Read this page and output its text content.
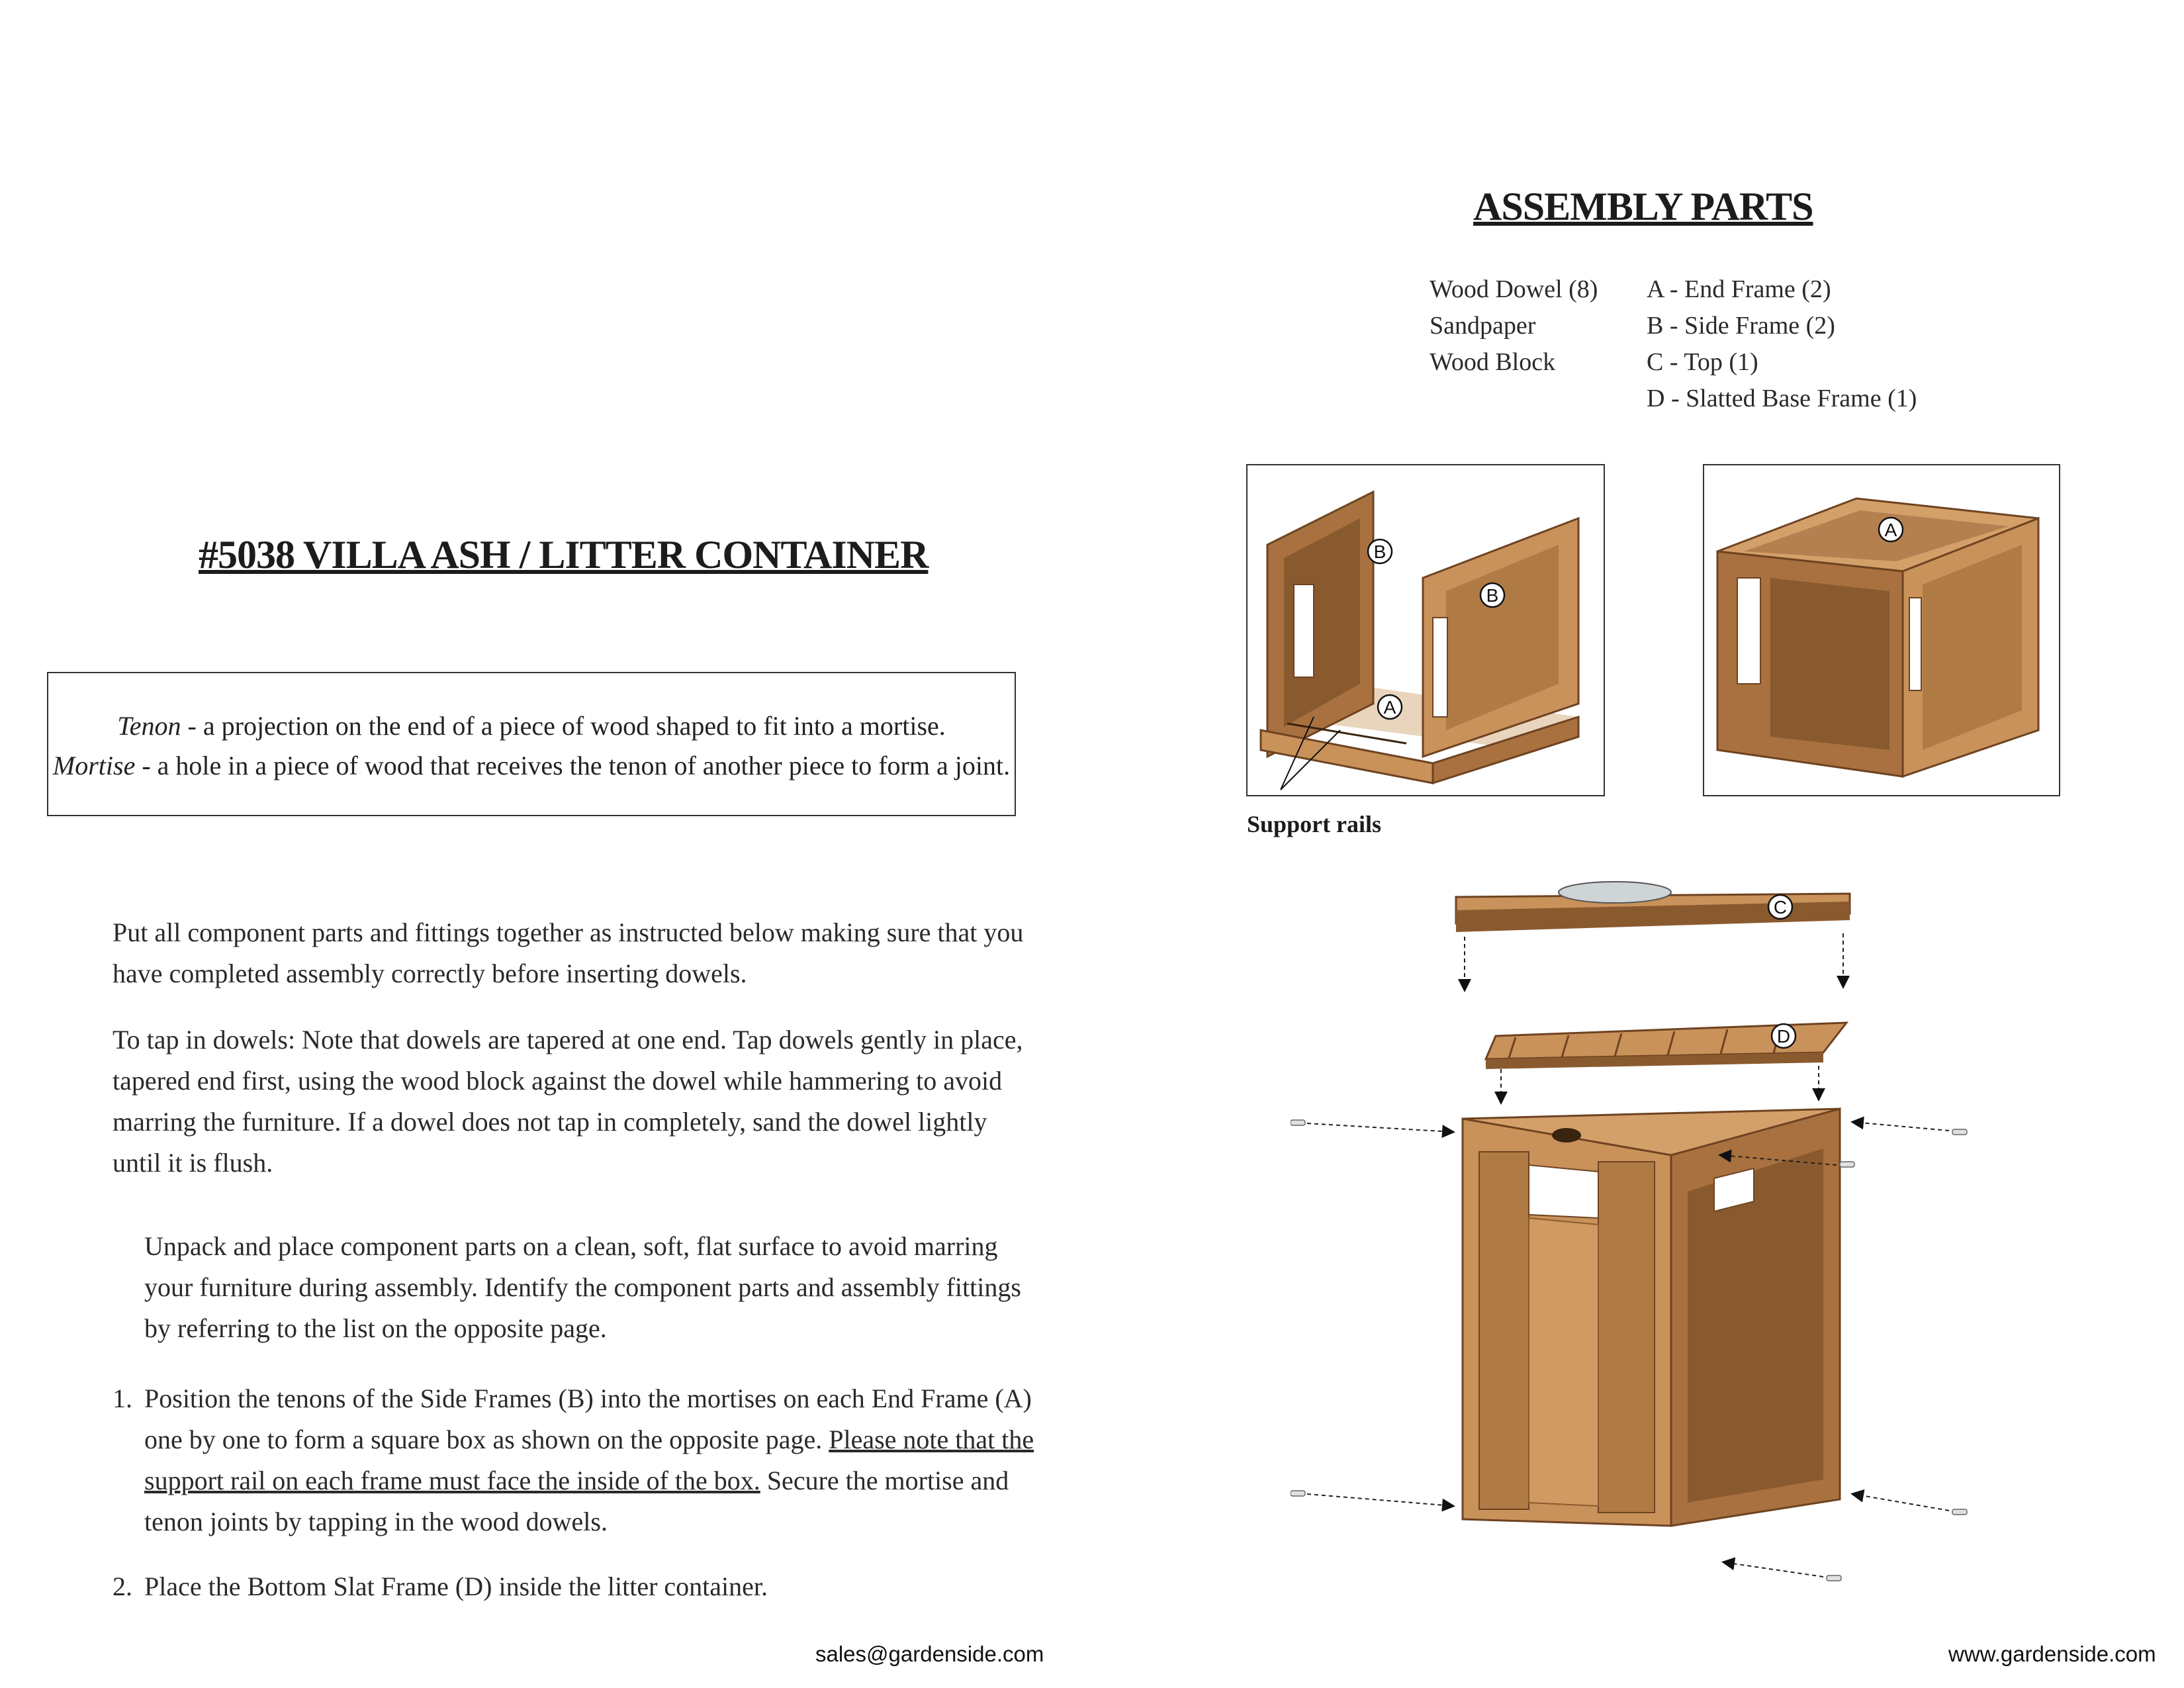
#5038 VILLA ASH / LITTER CONTAINER
Tenon - a projection on the end of a piece of wood shaped to fit into a mortise.
Mortise - a hole in a piece of wood that receives the tenon of another piece to form a joint.
Put all component parts and fittings together as instructed below making sure that you have completed assembly correctly before inserting dowels.
To tap in dowels: Note that dowels are tapered at one end. Tap dowels gently in place, tapered end first, using the wood block against the dowel while hammering to avoid marring the furniture. If a dowel does not tap in completely, sand the dowel lightly until it is flush.
Unpack and place component parts on a clean, soft, flat surface to avoid marring your furniture during assembly. Identify the component parts and assembly fittings by referring to the list on the opposite page.
1. Position the tenons of the Side Frames (B) into the mortises on each End Frame (A) one by one to form a square box as shown on the opposite page. Please note that the support rail on each frame must face the inside of the box. Secure the mortise and tenon joints by tapping in the wood dowels.
2. Place the Bottom Slat Frame (D) inside the litter container.
sales@gardenside.com
ASSEMBLY PARTS
Wood Dowel (8)
Sandpaper
Wood Block
A - End Frame (2)
B - Side Frame (2)
C - Top (1)
D - Slatted Base Frame (1)
B
B
A
Support rails
A
C
D
www.gardenside.com
